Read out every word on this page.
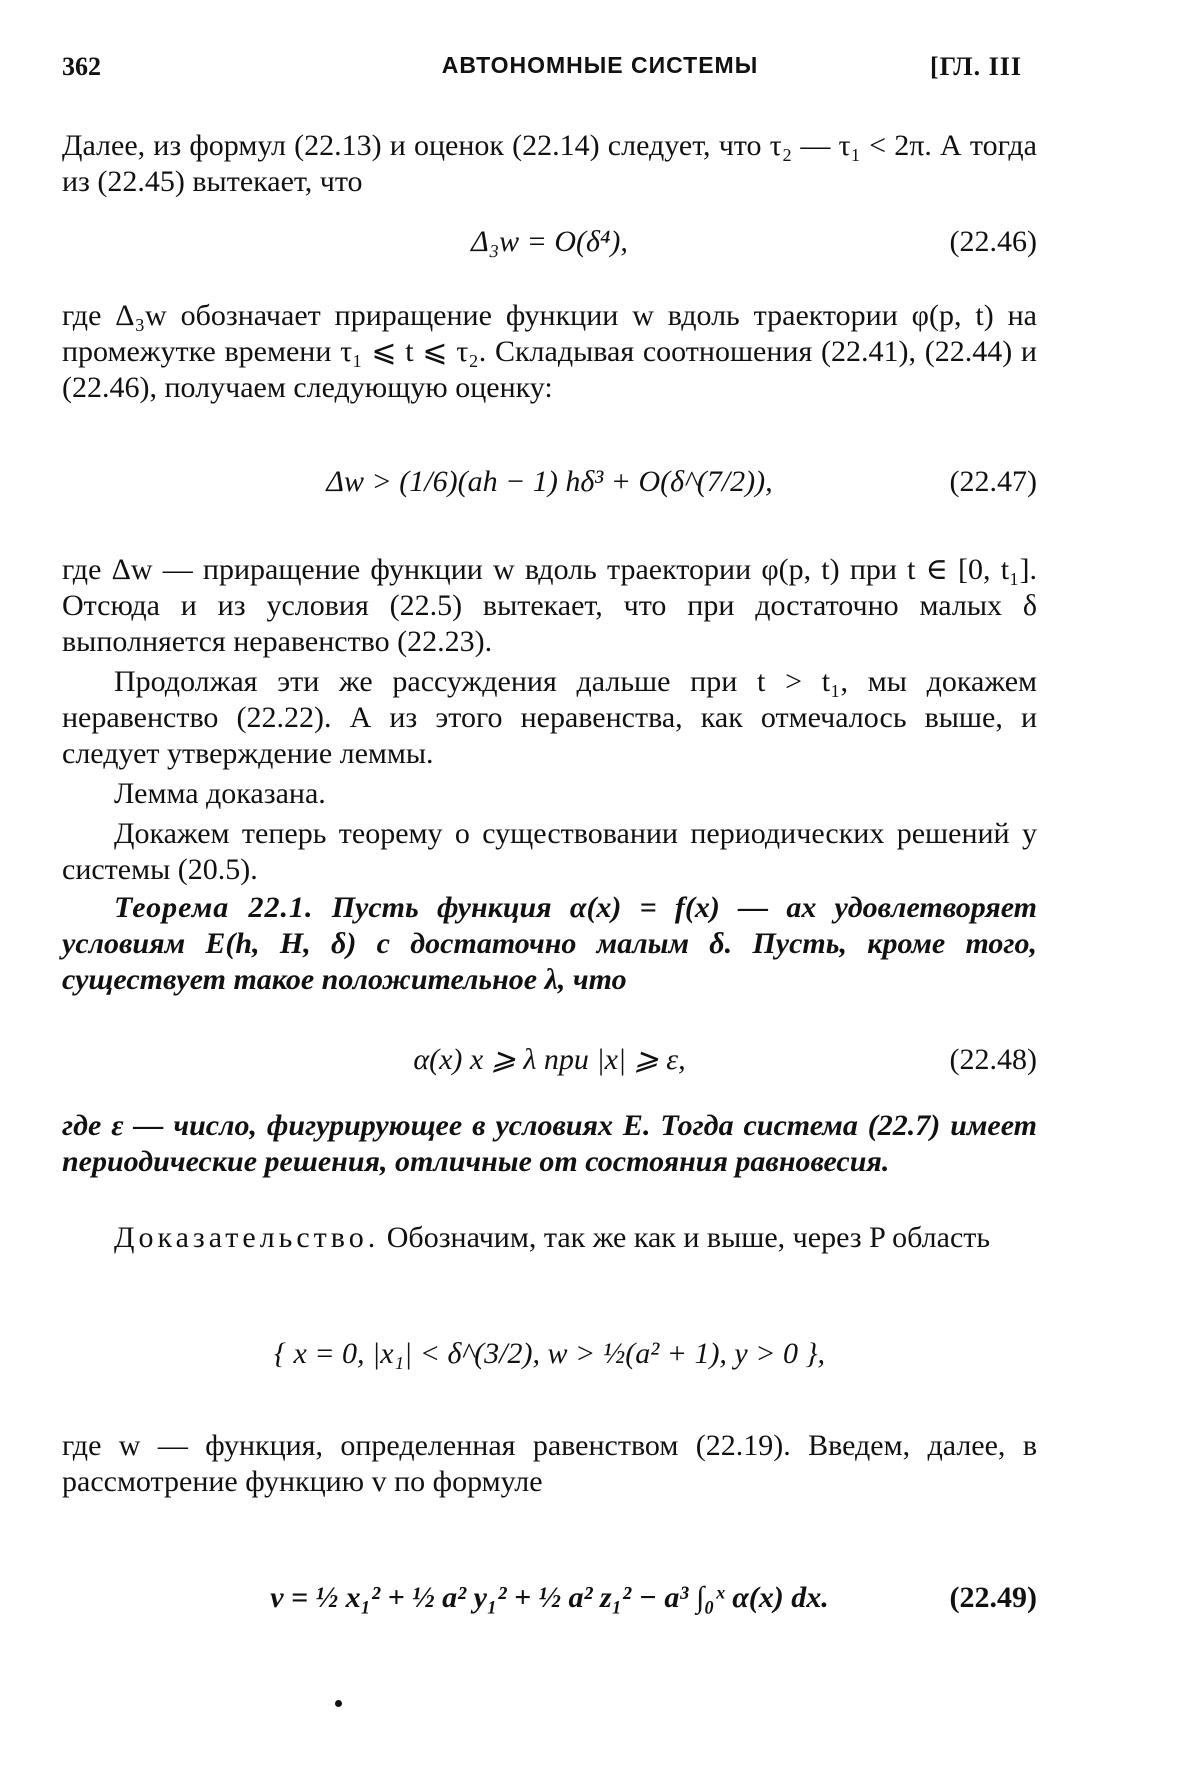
362	АВТОНОМНЫЕ СИСТЕМЫ	[ГЛ. III
Далее, из формул (22.13) и оценок (22.14) следует, что τ₂ — τ₁ < 2π. А тогда из (22.45) вытекает, что
Δ₃w = O(δ⁴),	(22.46)
где Δ₃w обозначает приращение функции w вдоль траектории φ(p, t) на промежутке времени τ₁ ⩽ t ⩽ τ₂. Складывая соотношения (22.41), (22.44) и (22.46), получаем следующую оценку:
Δw > (1/6)(ah − 1) hδ³ + O(δ^(7/2)),	(22.47)
где Δw — приращение функции w вдоль траектории φ(p, t) при t ∈ [0, t₁]. Отсюда и из условия (22.5) вытекает, что при достаточно малых δ выполняется неравенство (22.23).
Продолжая эти же рассуждения дальше при t > t₁, мы докажем неравенство (22.22). А из этого неравенства, как отмечалось выше, и следует утверждение леммы.
Лемма доказана.
Докажем теперь теорему о существовании периодических решений у системы (20.5).
Теорема 22.1. Пусть функция α(x) = f(x) — ax удовлетворяет условиям E(h, H, δ) с достаточно малым δ. Пусть, кроме того, существует такое положительное λ, что
α(x) x ⩾ λ при |x| ⩾ ε,	(22.48)
где ε — число, фигурирующее в условиях E. Тогда система (22.7) имеет периодические решения, отличные от состояния равновесия.
Доказательство. Обозначим, так же как и выше, через P область
{ x = 0, |x₁| < δ^(3/2), w > ½(a² + 1), y > 0 },
где w — функция, определенная равенством (22.19). Введем, далее, в рассмотрение функцию v по формуле
v = ½ x₁² + ½ a² y₁² + ½ a² z₁² − a³ ∫₀ˣ α(x) dx.	(22.49)
